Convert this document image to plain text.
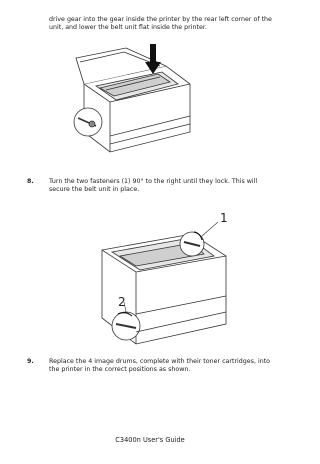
drive gear into the gear inside the printer by the rear left corner of the unit, and lower the belt unit flat inside the printer.

8. Turn the two fasteners (1) 90° to the right until they lock. This will secure the belt unit in place.

1
2
9. Replace the 4 image drums, complete with their toner cartridges, into the printer in the correct positions as shown.

C3400n User's Guide
